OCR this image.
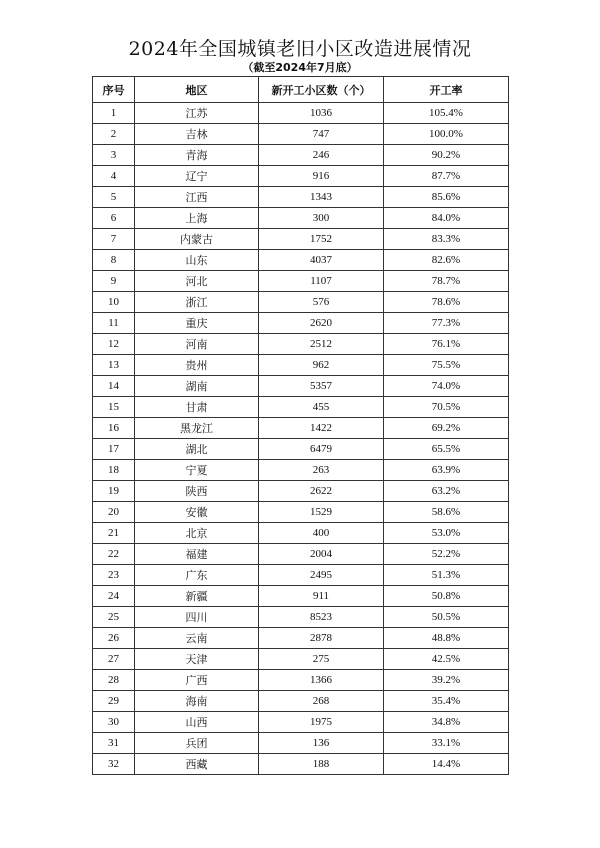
2024年全国城镇老旧小区改造进展情况
（截至2024年7月底）
序号	地区	新开工小区数（个）	开工率
1	江苏	1036	105.4%
2	吉林	747	100.0%
3	青海	246	90.2%
4	辽宁	916	87.7%
5	江西	1343	85.6%
6	上海	300	84.0%
7	内蒙古	1752	83.3%
8	山东	4037	82.6%
9	河北	1107	78.7%
10	浙江	576	78.6%
11	重庆	2620	77.3%
12	河南	2512	76.1%
13	贵州	962	75.5%
14	湖南	5357	74.0%
15	甘肃	455	70.5%
16	黑龙江	1422	69.2%
17	湖北	6479	65.5%
18	宁夏	263	63.9%
19	陕西	2622	63.2%
20	安徽	1529	58.6%
21	北京	400	53.0%
22	福建	2004	52.2%
23	广东	2495	51.3%
24	新疆	911	50.8%
25	四川	8523	50.5%
26	云南	2878	48.8%
27	天津	275	42.5%
28	广西	1366	39.2%
29	海南	268	35.4%
30	山西	1975	34.8%
31	兵团	136	33.1%
32	西藏	188	14.4%
